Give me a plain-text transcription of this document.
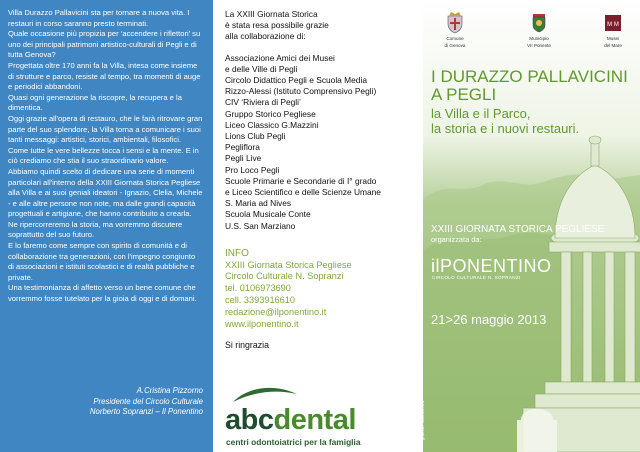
Villa Durazzo Pallavicini sta per tornare a nuova vita. I restauri in corso saranno presto terminati.

Quale occasione più propizia per ‘accendere i riflettori’ su uno dei principali patrimoni artistico-culturali di Pegli e di tutta Genova?

Progettata oltre 170 anni fa la Villa, intesa come insieme di strutture e parco, resiste al tempo, tra momenti di auge e periodici abbandoni.

Quasi ogni generazione la riscopre, la recupera e la dimentica.

Oggi grazie all'opera di restauro, che le farà ritrovare gran parte del suo splendore, la Villa torna a comunicare i suoi tanti messaggi: artistici, storici, ambientali, filosofici.

Come tutte le vere bellezze tocca i sensi e la mente. E in ciò crediamo che stia il suo straordinario valore.

Abbiamo quindi scelto di dedicare una serie di momenti particolari all'interno della XXIII Giornata Storica Pegliese alla Villa e ai suoi geniali ideatori - Ignazio, Clelia, Michele - e alle altre persone non note, ma dalle grandi capacità progettuali e artigiane, che hanno contribuito a crearla.

Ne ripercorreremo la storia, ma vorremmo discutere soprattutto del suo futuro.

E lo faremo come sempre con spirito di comunità e di collaborazione tra generazioni, con l'impegno congiunto di associazioni e istituti scolastici e di realtà pubbliche e private.

Una testimonianza di affetto verso un bene comune che vorremmo fosse tutelato per la gioia di oggi e di domani.

A.Cristina Pizzorno
Presidente del Circolo Culturale
Norberto Sopranzi – Il Ponentino
La XXIII Giornata Storica
è stata resa possibile grazie
alla collaborazione di:
Associazione Amici dei Musei
e delle Ville di Pegli
Circolo Didattico Pegli e Scuola Media
Rizzo-Alessi (Istituto Comprensivo Pegli)
CIV ‘Riviera di Pegli’
Gruppo Storico Pegliese
Liceo Classico G.Mazzini
Lions Club Pegli
Pegliflora
Pegli Live
Pro Loco Pegli
Scuole Primarie e Secondarie di I° grado
e Liceo Scientifico e delle Scienze Umane
S. Maria ad Nives
Scuola Musicale Conte
U.S. San Marziano
INFO
XXIII Giornata Storica Pegliese
Circolo Culturale N. Sopranzi
tel. 0106973690
cell. 3393916610
redazione@ilponentino.it
www.ilponentino.it
Si ringrazia
abcdental
centri odontoiatrici per la famiglia
Comune
di Genova
Municipio
VII Ponente
M M
Musei
del Mare
I DURAZZO PALLAVICINI
A PEGLI
la Villa e il Parco,
la storia e i nuovi restauri.
XXIII GIORNATA STORICA PEGLIESE
organizzata da:
ilPONENTINO
CIRCOLO CULTURALE N. SOPRANZI
21>26 maggio 2013
grafica PaoloGuerra
